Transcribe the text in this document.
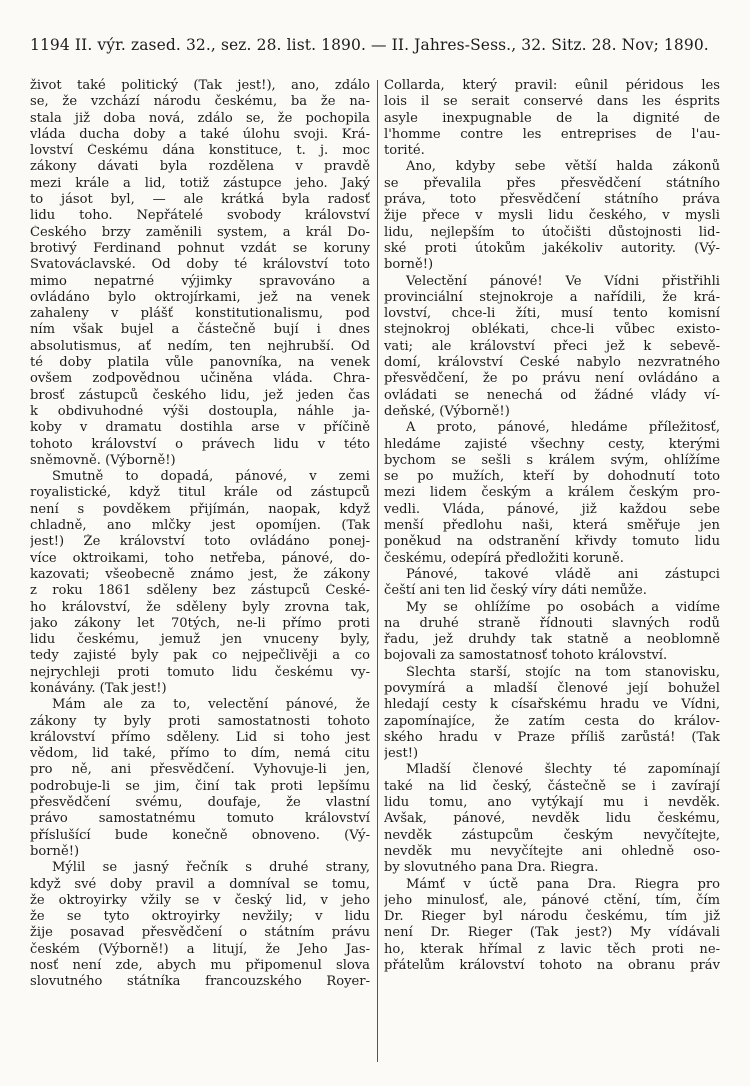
1194 II. výr. zased. 32., sez. 28. list. 1890. — II. Jahres-Sess., 32. Sitz. 28. Nov; 1890.
život také politický (Tak jest!), ano, zdálo
se, že vzchází národu českému, ba že na-
stala již doba nová, zdálo se, že pochopila
vláda ducha doby a také úlohu svoji. Krá-
lovství Českému dána konstituce, t. j. moc
zákony dávati byla rozdělena v pravdě
mezi krále a lid, totiž zástupce jeho. Jaký
to jásot byl, — ale krátká byla radosť
lidu toho. Nepřátelé svobody království
Českého brzy zaměnili system, a král Do-
brotivý Ferdinand pohnut vzdát se koruny
Svatováclavské. Od doby té království toto
mimo nepatrné výjimky spravováno a
ovládáno bylo oktrojírkami, jež na venek
zahaleny v plášť konstitutionalismu, pod
ním však bujel a částečně bují i dnes
absolutismus, ať nedím, ten nejhrubší. Od
té doby platila vůle panovníka, na venek
ovšem zodpovědnou učiněna vláda. Chra-
brosť zástupců českého lidu, jež jeden čas
k obdivuhodné výši dostoupla, náhle ja-
koby v dramatu dostihla arse v příčině
tohoto království o právech lidu v této
sněmovně. (Výborně!)
Smutně to dopadá, pánové, v zemi
royalistické, když titul krále od zástupců
není s povděkem přijímán, naopak, když
chladně, ano mlčky jest opomíjen. (Tak
jest!) Že království toto ovládáno ponej-
více oktroikami, toho netřeba, pánové, do-
kazovati; všeobecně známo jest, že zákony
z roku 1861 sděleny bez zástupců České-
ho království, že sděleny byly zrovna tak,
jako zákony let 70tých, ne-li přímo proti
lidu českému, jemuž jen vnuceny byly,
tedy zajisté byly pak co nejpečlivěji a co
nejrychleji proti tomuto lidu českému vy-
konávány. (Tak jest!)
Mám ale za to, velectění pánové, že
zákony ty byly proti samostatnosti tohoto
království přímo sděleny. Lid si toho jest
vědom, lid také, přímo to dím, nemá citu
pro ně, ani přesvědčení. Vyhovuje-li jen,
podrobuje-li se jim, činí tak proti lepšímu
přesvědčení svému, doufaje, že vlastní
právo samostatnému tomuto království
příslušící bude konečně obnoveno. (Vý-
borně!)
Mýlil se jasný řečník s druhé strany,
když své doby pravil a domníval se tomu,
že oktroyirky vžily se v český lid, v jeho
že se tyto oktroyirky nevžily; v lidu
žije posavad přesvědčení o státním právu
českém (Výborně!) a litují, že Jeho Jas-
nosť není zde, abych mu připomenul slova
slovutného státníka francouzského Royer-
Collarda, který pravil: eûnil péridous les
lois il se serait conservé dans les ésprits
asyle inexpugnable de la dignité de
l'homme contre les entreprises de l'au-
torité.
Ano, kdyby sebe větší halda zákonů
se převalila přes přesvědčení státního
práva, toto přesvědčení státního práva
žije přece v mysli lidu českého, v mysli
lidu, nejlepším to útočišti důstojnosti lid-
ské proti útokům jakékoliv autority. (Vý-
borně!)
Velectění pánové! Ve Vídni přistřihli
provinciální stejnokroje a nařídili, že krá-
lovství, chce-li žíti, musí tento komisní
stejnokroj oblékati, chce-li vůbec existo-
vati; ale království přeci jež k sebevě-
domí, království České nabylo nezvratného
přesvědčení, že po právu není ovládáno a
ovládati se nenechá od žádné vlády ví-
deňské, (Výborně!)
A proto, pánové, hledáme příležitosť,
hledáme zajisté všechny cesty, kterými
bychom se sešli s králem svým, ohlížíme
se po mužích, kteří by dohodnutí toto
mezi lidem českým a králem českým pro-
vedli. Vláda, pánové, již každou sebe
menší předlohu naši, která směřuje jen
poněkud na odstranění křivdy tomuto lidu
českému, odepírá předložiti koruně.
Pánové, takové vládě ani zástupci
čeští ani ten lid český víry dáti nemůže.
My se ohlížíme po osobách a vidíme
na druhé straně řídnouti slavných rodů
řadu, jež druhdy tak statně a neoblomně
bojovali za samostatnosť tohoto království.
Šlechta starší, stojíc na tom stanovisku,
povymírá a mladší členové její bohužel
hledají cesty k císařskému hradu ve Vídni,
zapomínajíce, že zatím cesta do králov-
ského hradu v Praze příliš zarůstá! (Tak
jest!)
Mladší členové šlechty té zapomínají
také na lid český, částečně se i zavírají
lidu tomu, ano vytýkají mu i nevděk.
Avšak, pánové, nevděk lidu českému,
nevděk zástupcům českým nevyčítejte,
nevděk mu nevyčítejte ani ohledně oso-
by slovutného pana Dra. Riegra.
Mámť v úctě pana Dra. Riegra pro
jeho minulosť, ale, pánové ctění, tím, čím
Dr. Rieger byl národu českému, tím již
není Dr. Rieger (Tak jest?) My vídávali
ho, kterak hřímal z lavic těch proti ne-
přátelům království tohoto na obranu práv
